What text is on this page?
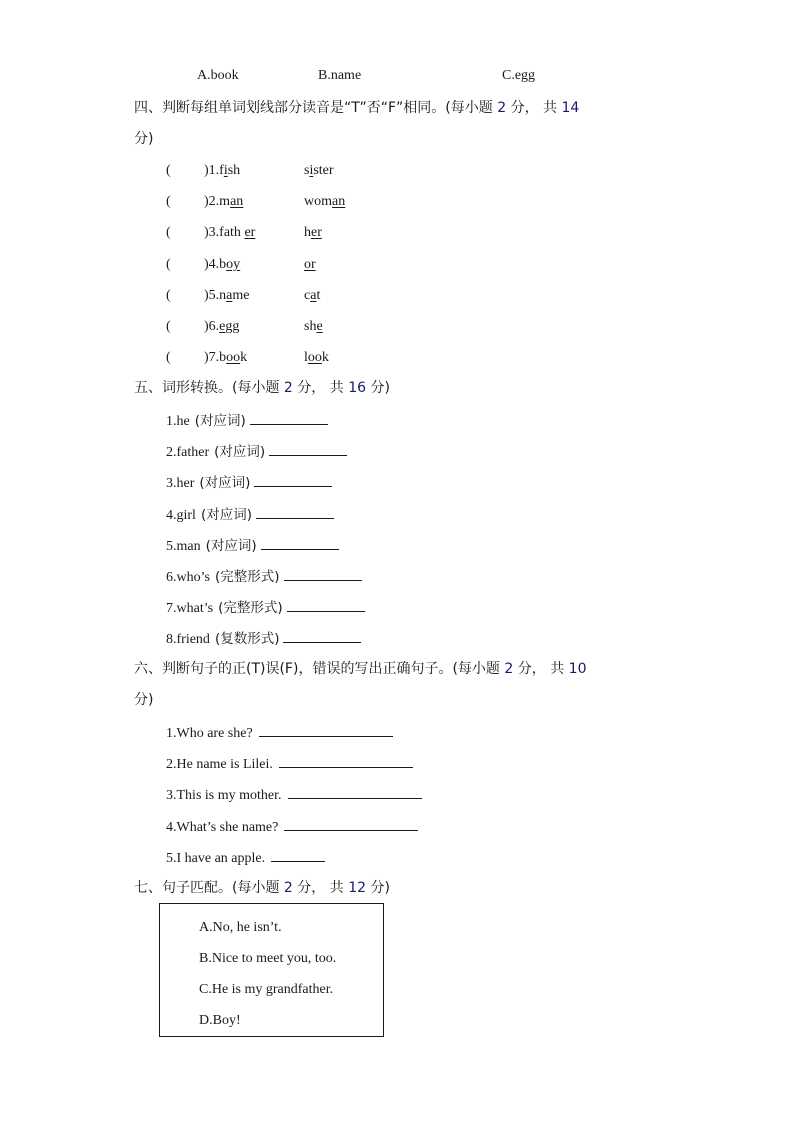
A.book	B.name	C.egg
四、判断每组单词划线部分读音是“T”否“F”相同。(每小题 2 分， 共 14
分)
( )1.fish	sister
( )2.man	woman
( )3.fath er	her
( )4.boy	or
( )5.name	cat
( )6.egg	she
( )7.book	look
五、词形转换。(每小题 2 分， 共 16 分)
1.he (对应词)
2.father (对应词)
3.her (对应词)
4.girl (对应词)
5.man (对应词)
6.who’s (完整形式)
7.what’s (完整形式)
8.friend (复数形式)
六、判断句子的正(T)误(F)，错误的写出正确句子。(每小题 2 分， 共 10
分)
1.Who are she?
2.He name is Lilei.
3.This is my mother.
4.What’s she name?
5.I have an apple.
七、句子匹配。(每小题 2 分， 共 12 分)
A.No, he isn’t.
B.Nice to meet you, too.
C.He is my grandfather.
D.Boy!
